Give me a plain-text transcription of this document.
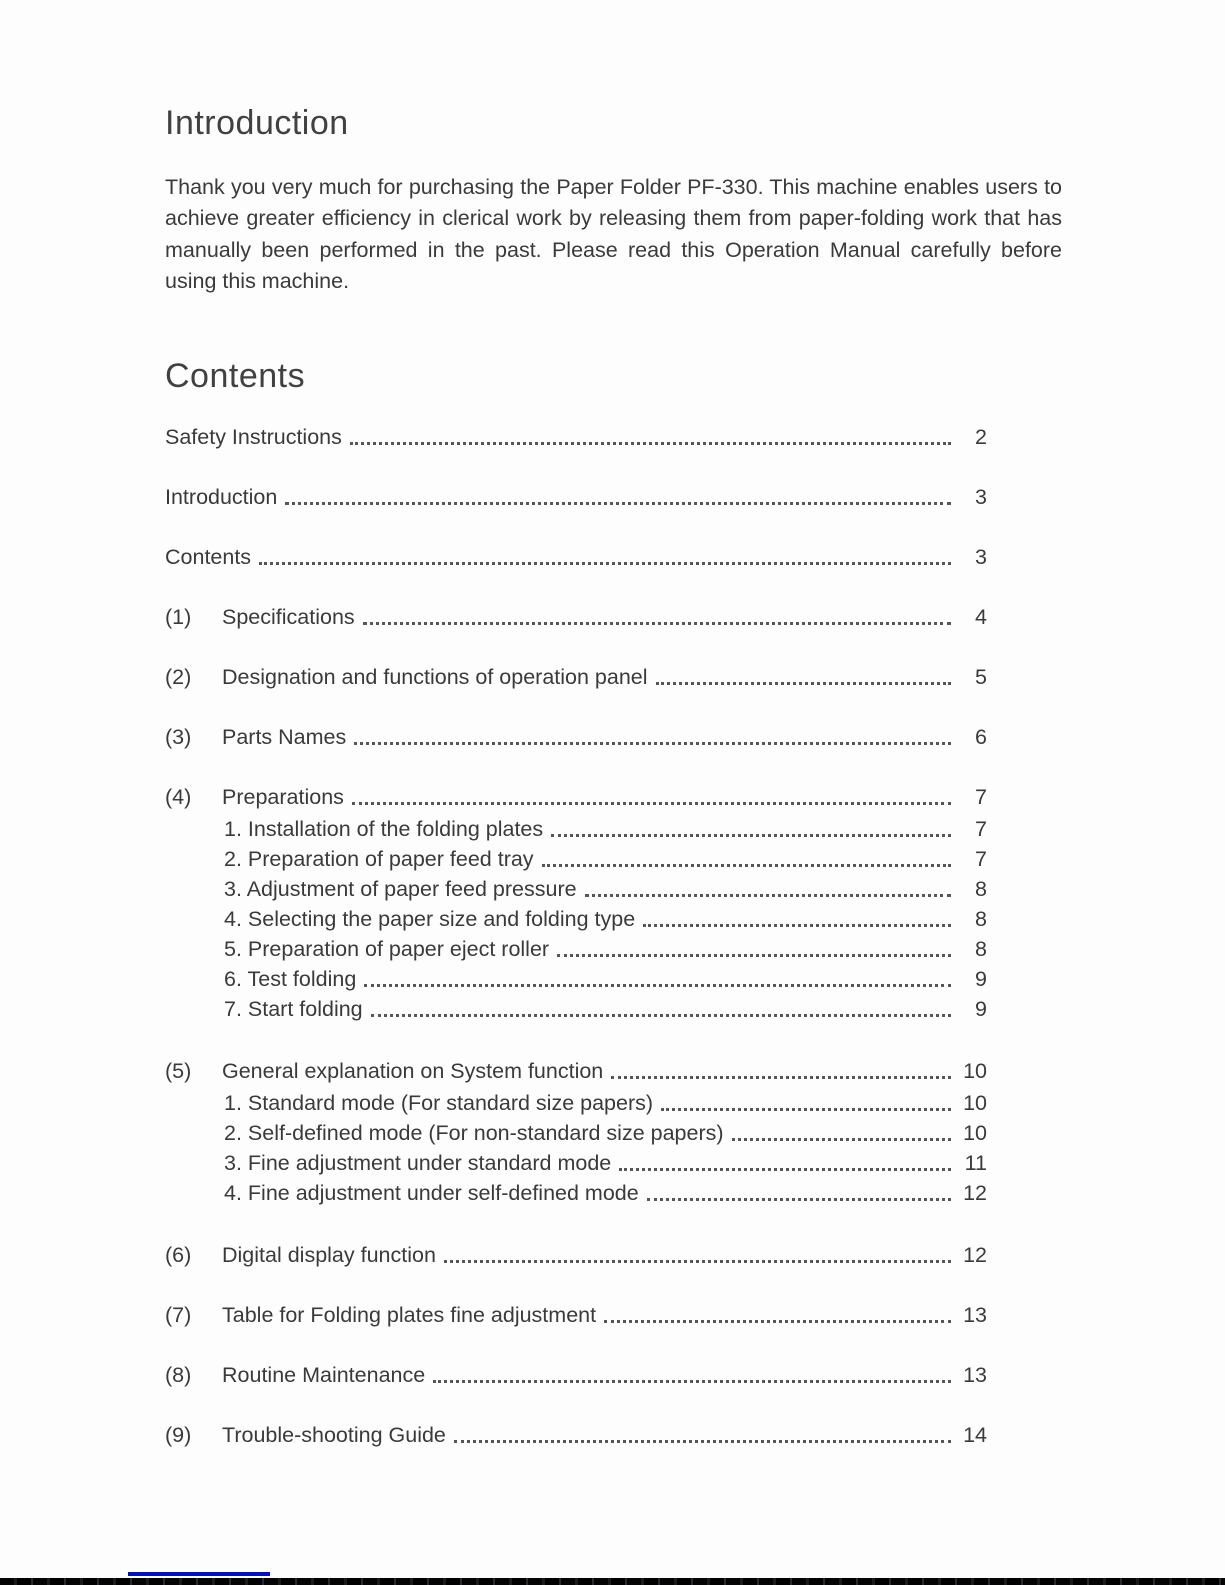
Introduction

Thank you very much for purchasing the Paper Folder PF-330. This machine enables users to achieve greater efficiency in clerical work by releasing them from paper-folding work that has manually been performed in the past. Please read this Operation Manual carefully before using this machine.

Contents
Safety Instructions	2
Introduction	3
Contents	3
(1)	Specifications	4
(2)	Designation and functions of operation panel	5
(3)	Parts Names	6
(4)	Preparations	7
1. Installation of the folding plates	7
2. Preparation of paper feed tray	7
3. Adjustment of paper feed pressure	8
4. Selecting the paper size and folding type	8
5. Preparation of paper eject roller	8
6. Test folding	9
7. Start folding	9
(5)	General explanation on System function	10
1. Standard mode (For standard size papers)	10
2. Self-defined mode (For non-standard size papers)	10
3. Fine adjustment under standard mode	11
4. Fine adjustment under self-defined mode	12
(6)	Digital display function	12
(7)	Table for Folding plates fine adjustment	13
(8)	Routine Maintenance	13
(9)	Trouble-shooting Guide	14
